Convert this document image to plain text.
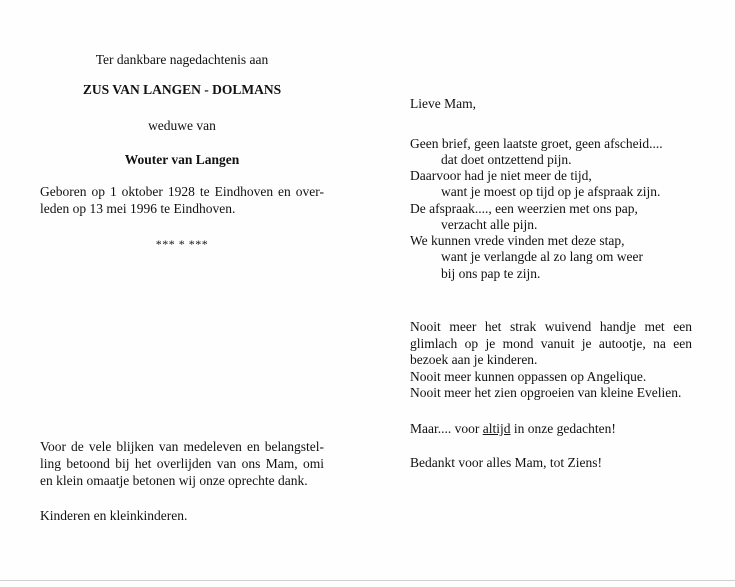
Ter dankbare nagedachtenis aan
ZUS VAN LANGEN - DOLMANS
weduwe van
Wouter van Langen
Geboren op 1 oktober 1928 te Eindhoven en over-
leden op 13 mei 1996 te Eindhoven.
*** * ***
Voor de vele blijken van medeleven en belangstel-
ling betoond bij het overlijden van ons Mam, omi
en klein omaatje betonen wij onze oprechte dank.
Kinderen en kleinkinderen.
Lieve Mam,
Geen brief, geen laatste groet, geen afscheid....
dat doet ontzettend pijn.
Daarvoor had je niet meer de tijd,
want je moest op tijd op je afspraak zijn.
De afspraak...., een weerzien met ons pap,
verzacht alle pijn.
We kunnen vrede vinden met deze stap,
want je verlangde al zo lang om weer
bij ons pap te zijn.
Nooit meer het strak wuivend handje met een
glimlach op je mond vanuit je autootje, na een
bezoek aan je kinderen.
Nooit meer kunnen oppassen op Angelique.
Nooit meer het zien opgroeien van kleine Evelien.
Maar.... voor altijd in onze gedachten!
Bedankt voor alles Mam, tot Ziens!
